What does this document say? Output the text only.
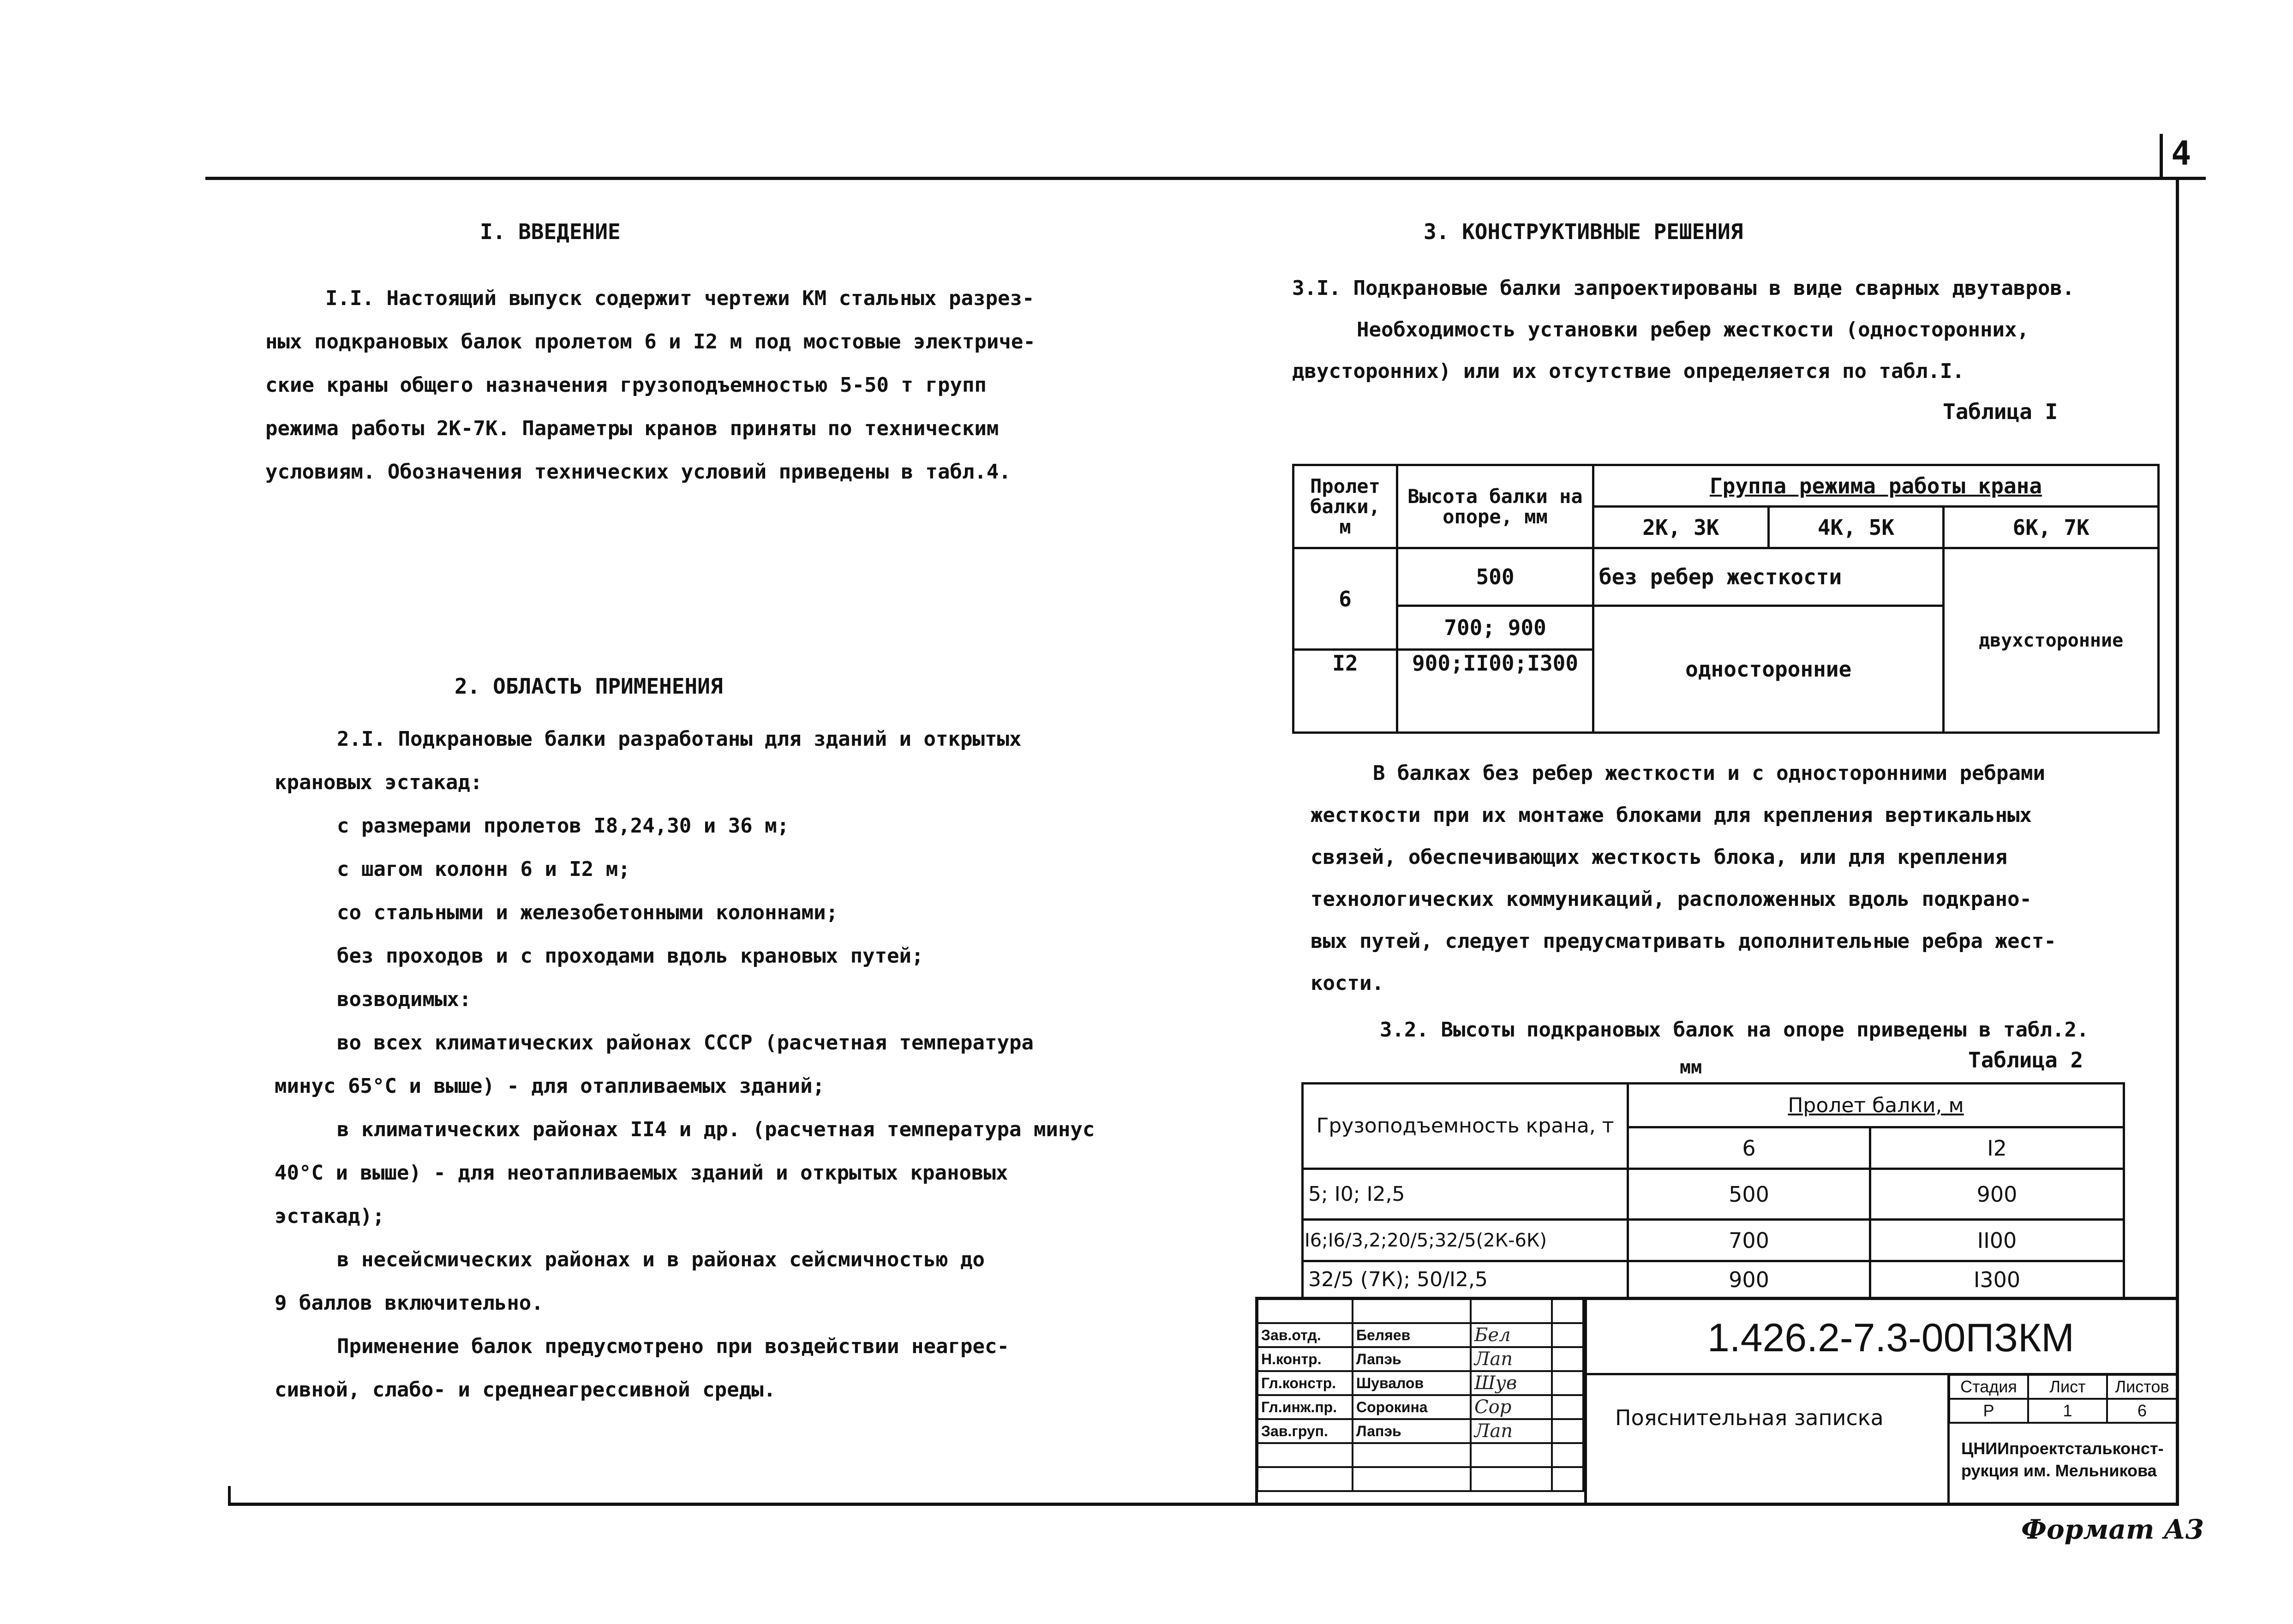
4
I. ВВЕДЕНИЕ

I.I. Настоящий выпуск содержит чертежи КМ стальных разрез-

ных подкрановых балок пролетом 6 и I2 м под мостовые электриче-

ские краны общего назначения грузоподъемностью 5-50 т групп

режима работы 2К-7К. Параметры кранов приняты по техническим

условиям. Обозначения технических условий приведены в табл.4.

2. ОБЛАСТЬ ПРИМЕНЕНИЯ

2.I. Подкрановые балки разработаны для зданий и открытых

крановых эстакад:

с размерами пролетов I8,24,30 и 36 м;

с шагом колонн 6 и I2 м;

со стальными и железобетонными колоннами;

без проходов и с проходами вдоль крановых путей;

возводимых:

во всех климатических районах СССР (расчетная температура

минус 65°С и выше) - для отапливаемых зданий;

в климатических районах II4 и др. (расчетная температура минус

40°С и выше) - для неотапливаемых зданий и открытых крановых

эстакад);

в несейсмических районах и в районах сейсмичностью до

9 баллов включительно.

Применение балок предусмотрено при воздействии неагрес-

сивной, слабо- и среднеагрессивной среды.

3. КОНСТРУКТИВНЫЕ РЕШЕНИЯ

3.I. Подкрановые балки запроектированы в виде сварных двутавров.

Необходимость установки ребер жесткости (односторонних,

двусторонних) или их отсутствие определяется по табл.I.

Таблица I
Пролет балки, м	Высота балки на опоре, мм	Группа режима работы крана		
		2К, 3К	4К, 5К	6К, 7К
6	500	без ребер жесткости		двухсторонние
	700; 900	односторонние		
I2	900;II00;I300			

В балках без ребер жесткости и с односторонними ребрами

жесткости при их монтаже блоками для крепления вертикальных

связей, обеспечивающих жесткость блока, или для крепления

технологических коммуникаций, расположенных вдоль подкрано-

вых путей, следует предусматривать дополнительные ребра жест-

кости.

3.2. Высоты подкрановых балок на опоре приведены в табл.2.
мм	Таблица 2
Грузоподъемность крана, т	Пролет балки, м	
	6	I2
5; I0; I2,5	500	900
I6;I6/3,2;20/5;32/5(2К-6К)	700	II00
32/5 (7К); 50/I2,5	900	I300

Зав.отд.	Беляев	Бел	
Н.контр.	Лапэь	Лап	
Гл.констр.	Шувалов	Шув	
Гл.инж.пр.	Сорокина	Сор	
Зав.груп.	Лапэь	Лап	

1.426.2-7.3-00ПЗКМ
Пояснительная записка
Стадия	Лист	Листов
Р	1	6
ЦНИИпроектстальконст-
рукция им. Мельникова
Формат А3
